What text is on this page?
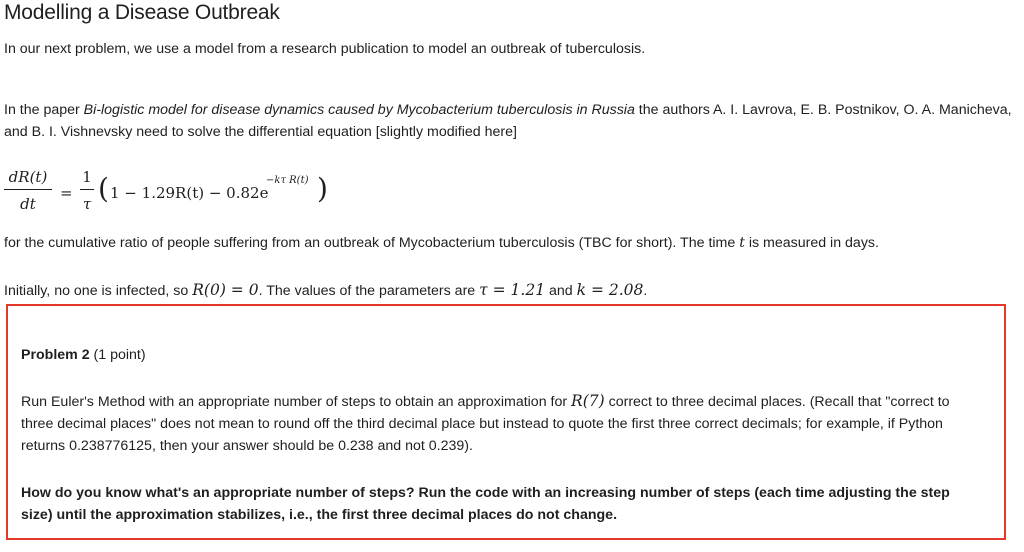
Modelling a Disease Outbreak
In our next problem, we use a model from a research publication to model an outbreak of tuberculosis.
In the paper Bi-logistic model for disease dynamics caused by Mycobacterium tuberculosis in Russia the authors A. I. Lavrova, E. B. Postnikov, O. A. Manicheva, and B. I. Vishnevsky need to solve the differential equation [slightly modified here]
$\frac{dR(t)}{dt} = \frac{1}{\tau}$ ( 1 − 1.29R(t) − 0.82e
−kτ R(t) )
for the cumulative ratio of people suffering from an outbreak of Mycobacterium tuberculosis (TBC for short). The time t is measured in days.
Initially, no one is infected, so R(0) = 0. The values of the parameters are τ = 1.21 and k = 2.08.
Problem 2 (1 point)
Run Euler's Method with an appropriate number of steps to obtain an approximation for R(7) correct to three decimal places. (Recall that "correct to three decimal places" does not mean to round off the third decimal place but instead to quote the first three correct decimals; for example, if Python returns 0.238776125, then your answer should be 0.238 and not 0.239).
How do you know what's an appropriate number of steps? Run the code with an increasing number of steps (each time adjusting the step size) until the approximation stabilizes, i.e., the first three decimal places do not change.
